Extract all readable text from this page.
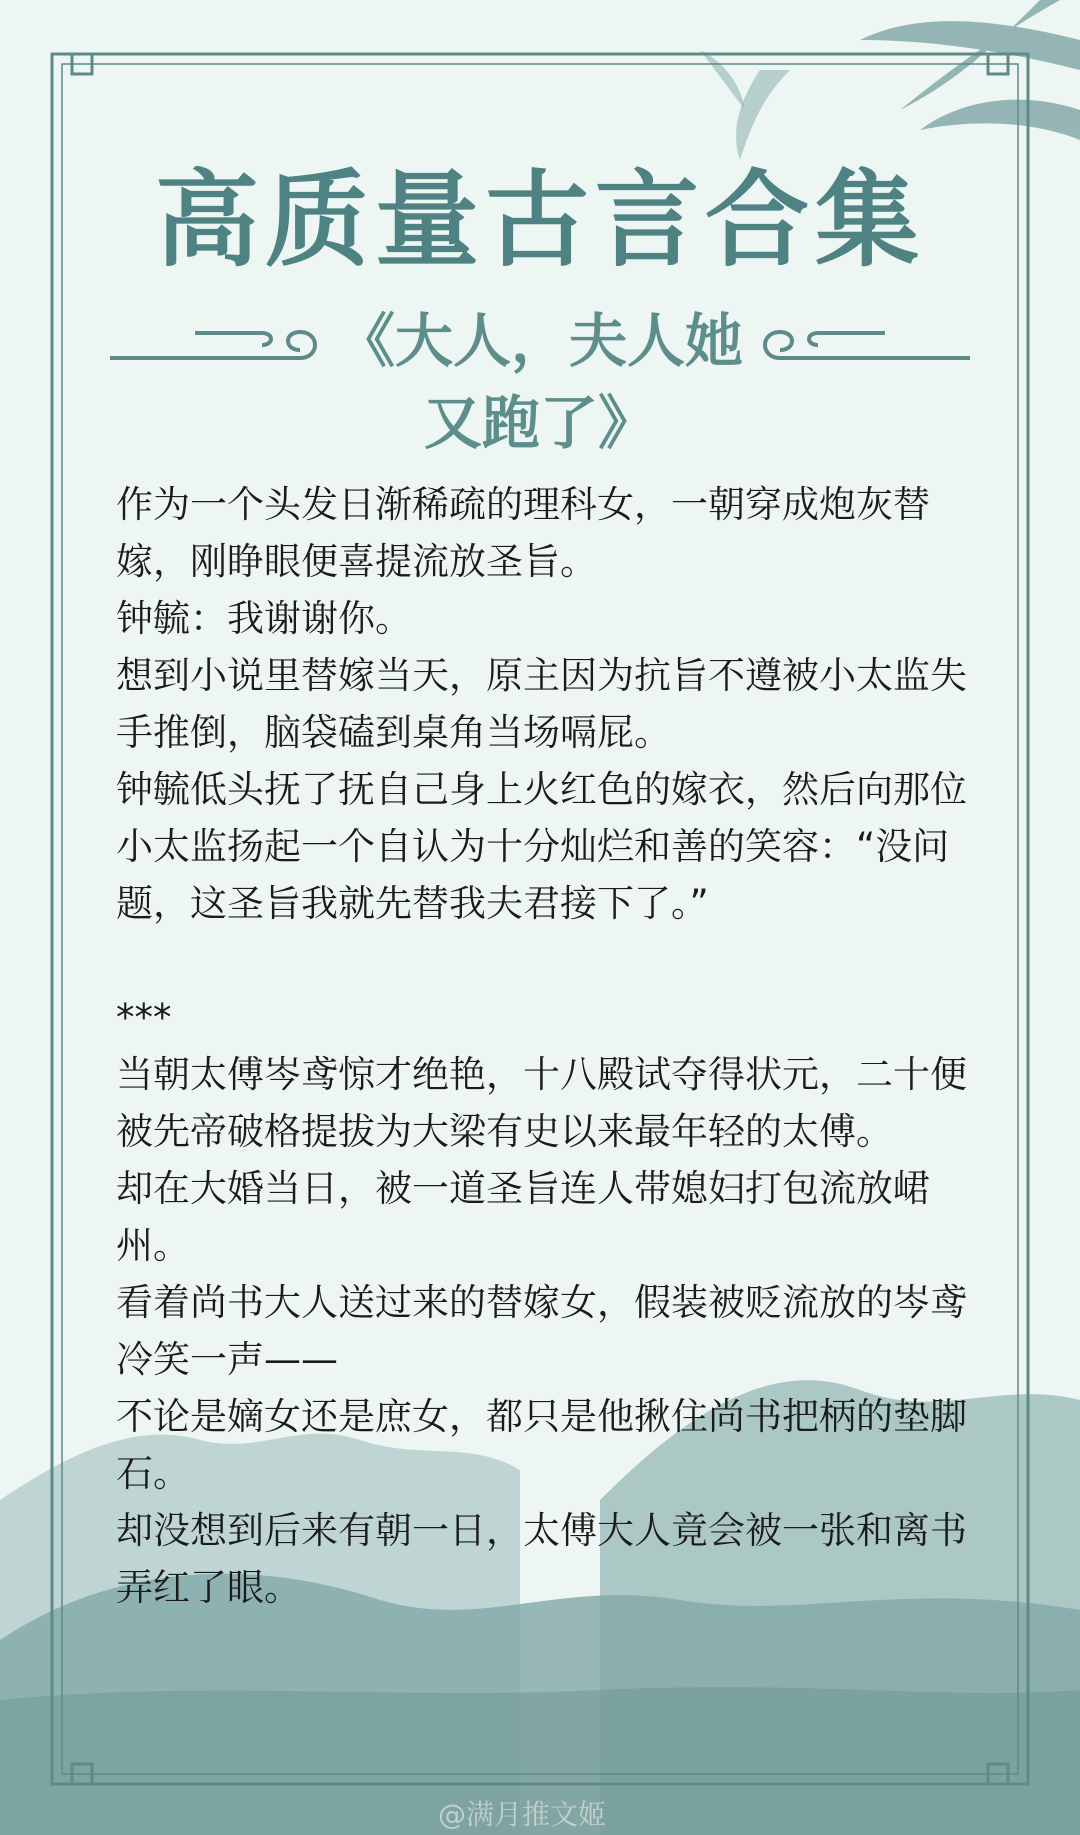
高质量古言合集
《大人，夫人她
又跑了》

作为一个头发日渐稀疏的理科女，一朝穿成炮灰替嫁，刚睁眼便喜提流放圣旨。

钟毓：我谢谢你。

想到小说里替嫁当天，原主因为抗旨不遵被小太监失手推倒，脑袋磕到桌角当场嗝屁。

钟毓低头抚了抚自己身上火红色的嫁衣，然后向那位小太监扬起一个自认为十分灿烂和善的笑容：“没问题，这圣旨我就先替我夫君接下了。”

***

当朝太傅岑鸢惊才绝艳，十八殿试夺得状元，二十便被先帝破格提拔为大梁有史以来最年轻的太傅。

却在大婚当日，被一道圣旨连人带媳妇打包流放峮州。

看着尚书大人送过来的替嫁女，假装被贬流放的岑鸢冷笑一声——

不论是嫡女还是庶女，都只是他揪住尚书把柄的垫脚石。

却没想到后来有朝一日，太傅大人竟会被一张和离书弄红了眼。

@满月推文姬
